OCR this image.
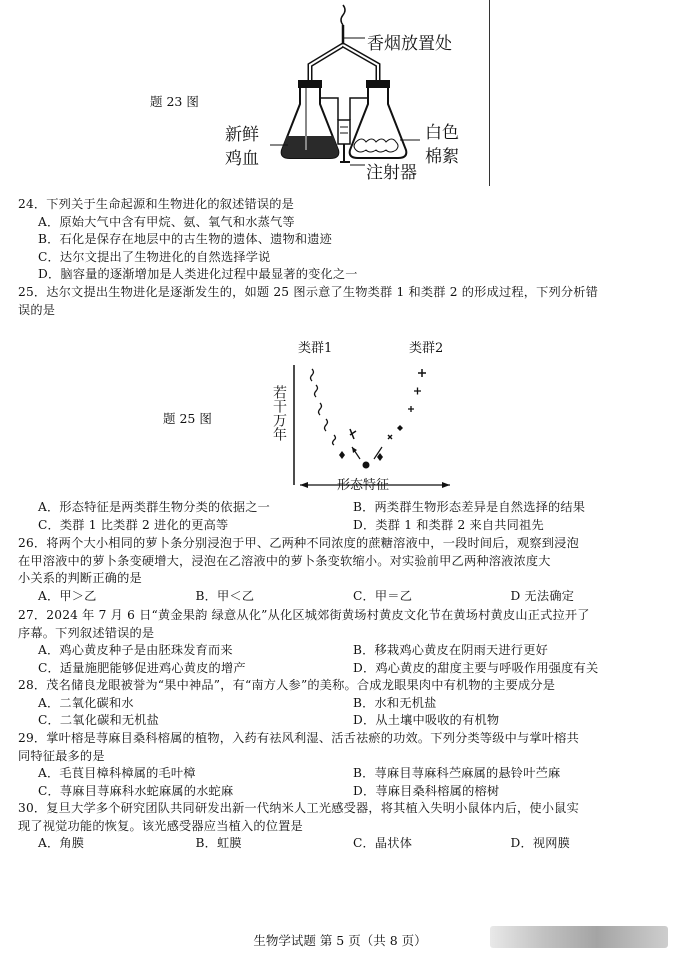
题 23 图
香烟放置处
新鲜
鸡血
白色
棉絮
注射器

24．下列关于生命起源和生物进化的叙述错误的是

A．原始大气中含有甲烷、氨、氧气和水蒸气等

B．石化是保存在地层中的古生物的遗体、遗物和遗迹

C．达尔文提出了生物进化的自然选择学说

D．脑容量的逐渐增加是人类进化过程中最显著的变化之一

25．达尔文提出生物进化是逐渐发生的，如题 25 图示意了生物类群 1 和类群 2 的形成过程，下列分析错

误的是

题 25 图
类群1	类群2
若干万年
形态特征
A．形态特征是两类群生物分类的依据之一	B．两类群生物形态差异是自然选择的结果
C．类群 1 比类群 2 进化的更高等	D．类群 1 和类群 2 来自共同祖先

26．将两个大小相同的萝卜条分别浸泡于甲、乙两种不同浓度的蔗糖溶液中，一段时间后，观察到浸泡

在甲溶液中的萝卜条变硬增大，浸泡在乙溶液中的萝卜条变软缩小。对实验前甲乙两种溶液浓度大

小关系的判断正确的是

A．甲＞乙	B．甲＜乙	C．甲＝乙	D 无法确定

27．2024 年 7 月 6 日“黄金果韵 绿意从化”从化区城郊街黄场村黄皮文化节在黄场村黄皮山正式拉开了

序幕。下列叙述错误的是

A．鸡心黄皮种子是由胚珠发育而来	B．移栽鸡心黄皮在阴雨天进行更好
C．适量施肥能够促进鸡心黄皮的增产	D．鸡心黄皮的甜度主要与呼吸作用强度有关

28．茂名储良龙眼被誉为“果中神品”，有“南方人参”的美称。合成龙眼果肉中有机物的主要成分是

A．二氧化碳和水	B．水和无机盐
C．二氧化碳和无机盐	D．从土壤中吸收的有机物

29．掌叶榕是荨麻目桑科榕属的植物，入药有祛风利湿、活舌祛瘀的功效。下列分类等级中与掌叶榕共

同特征最多的是

A．毛茛目樟科樟属的毛叶樟	B．荨麻目荨麻科苎麻属的悬铃叶苎麻
C．荨麻目荨麻科水蛇麻属的水蛇麻	D．荨麻目桑科榕属的榕树

30．复旦大学多个研究团队共同研发出新一代纳米人工光感受器，将其植入失明小鼠体内后，使小鼠实

现了视觉功能的恢复。该光感受器应当植入的位置是

A．角膜	B．虹膜	C．晶状体	D．视网膜
生物学试题 第 5 页（共 8 页）
